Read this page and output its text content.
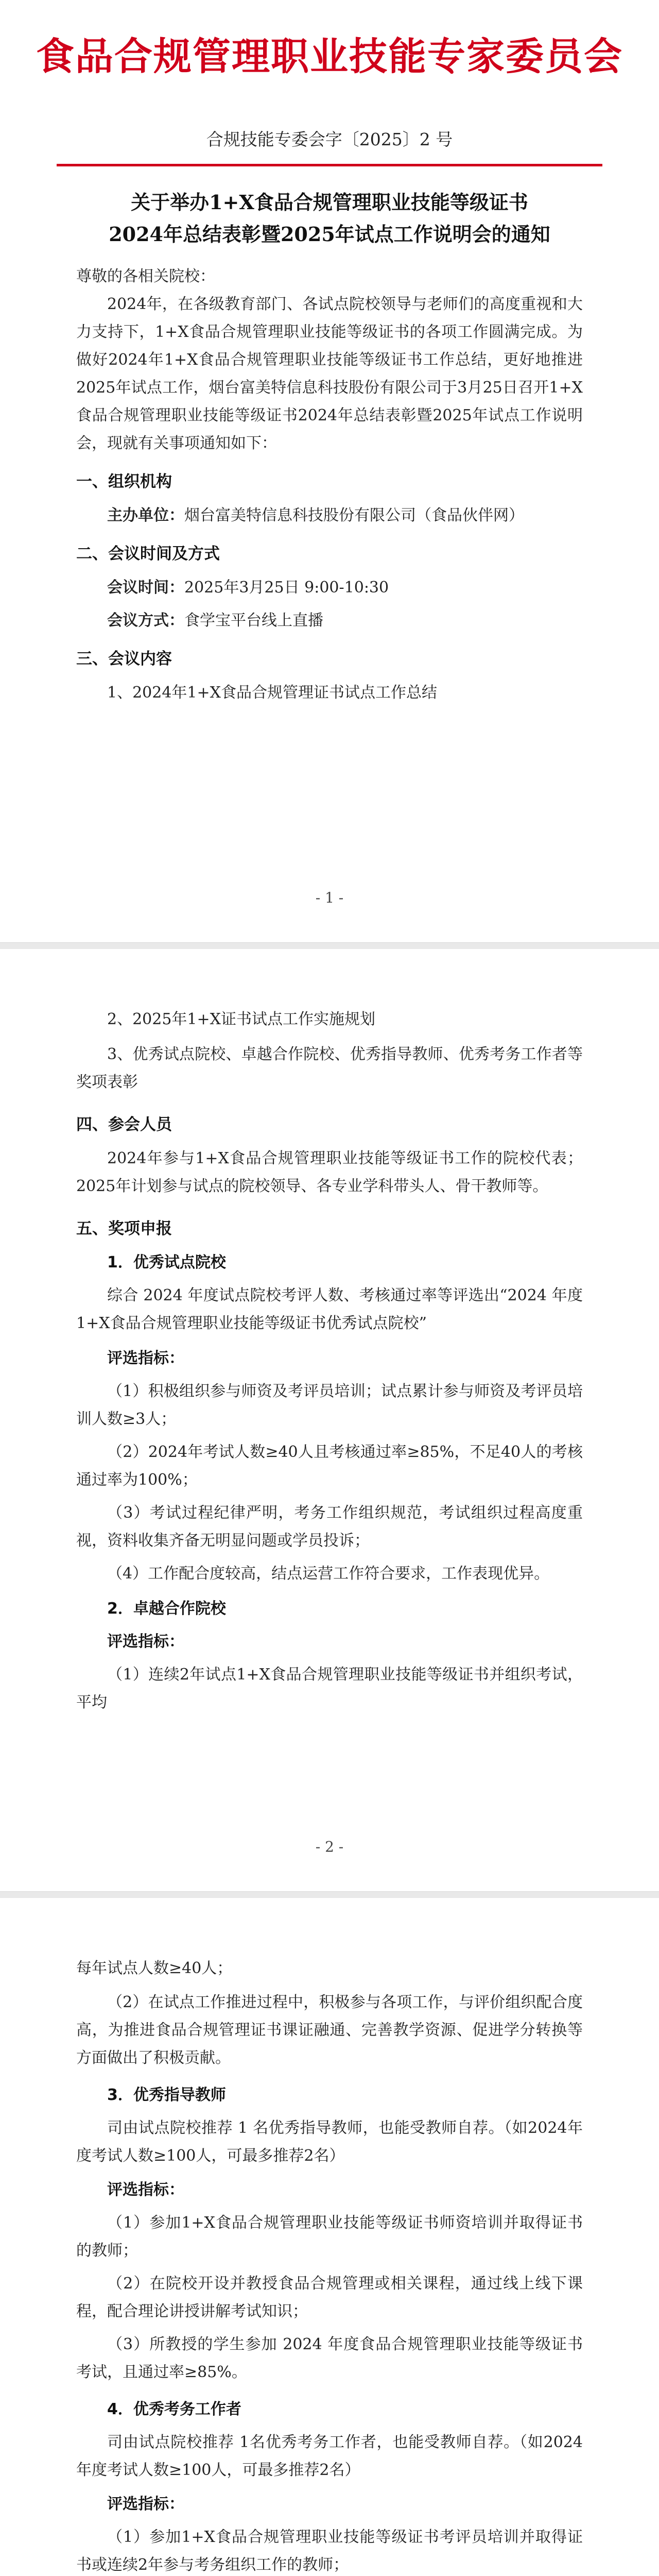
食品合规管理职业技能专家委员会
合规技能专委会字〔2025〕2 号
关于举办1+X食品合规管理职业技能等级证书
2024年总结表彰暨2025年试点工作说明会的通知

尊敬的各相关院校：

2024年，在各级教育部门、各试点院校领导与老师们的高度重视和大力支持下，1+X食品合规管理职业技能等级证书的各项工作圆满完成。为做好2024年1+X食品合规管理职业技能等级证书工作总结，更好地推进2025年试点工作，烟台富美特信息科技股份有限公司于3月25日召开1+X食品合规管理职业技能等级证书2024年总结表彰暨2025年试点工作说明会，现就有关事项通知如下：

一、组织机构

主办单位：烟台富美特信息科技股份有限公司（食品伙伴网）

二、会议时间及方式

会议时间：2025年3月25日 9:00-10:30

会议方式：食学宝平台线上直播

三、会议内容

1、2024年1+X食品合规管理证书试点工作总结

- 1 -

2、2025年1+X证书试点工作实施规划

3、优秀试点院校、卓越合作院校、优秀指导教师、优秀考务工作者等奖项表彰

四、参会人员

2024年参与1+X食品合规管理职业技能等级证书工作的院校代表；2025年计划参与试点的院校领导、各专业学科带头人、骨干教师等。

五、奖项申报

1．优秀试点院校

综合 2024 年度试点院校考评人数、考核通过率等评选出“2024 年度1+X食品合规管理职业技能等级证书优秀试点院校”

评选指标：

（1）积极组织参与师资及考评员培训；试点累计参与师资及考评员培训人数≥3人；

（2）2024年考试人数≥40人且考核通过率≥85%，不足40人的考核通过率为100%；

（3）考试过程纪律严明，考务工作组织规范，考试组织过程高度重视，资料收集齐备无明显问题或学员投诉；

（4）工作配合度较高，结点运营工作符合要求，工作表现优异。

2．卓越合作院校

评选指标：

（1）连续2年试点1+X食品合规管理职业技能等级证书并组织考试，平均

- 2 -

每年试点人数≥40人；

（2）在试点工作推进过程中，积极参与各项工作，与评价组织配合度高，为推进食品合规管理证书课证融通、完善教学资源、促进学分转换等方面做出了积极贡献。

3．优秀指导教师

司由试点院校推荐 1 名优秀指导教师，也能受教师自荐。（如2024年度考试人数≥100人，可最多推荐2名）

评选指标：

（1）参加1+X食品合规管理职业技能等级证书师资培训并取得证书的教师；

（2）在院校开设并教授食品合规管理或相关课程，通过线上线下课程，配合理论讲授讲解考试知识；

（3）所教授的学生参加 2024 年度食品合规管理职业技能等级证书考试，且通过率≥85%。

4．优秀考务工作者

司由试点院校推荐 1名优秀考务工作者，也能受教师自荐。（如2024年度考试人数≥100人，可最多推荐2名）

评选指标：

（1）参加1+X食品合规管理职业技能等级证书考评员培训并取得证书或连续2年参与考务组织工作的教师；
